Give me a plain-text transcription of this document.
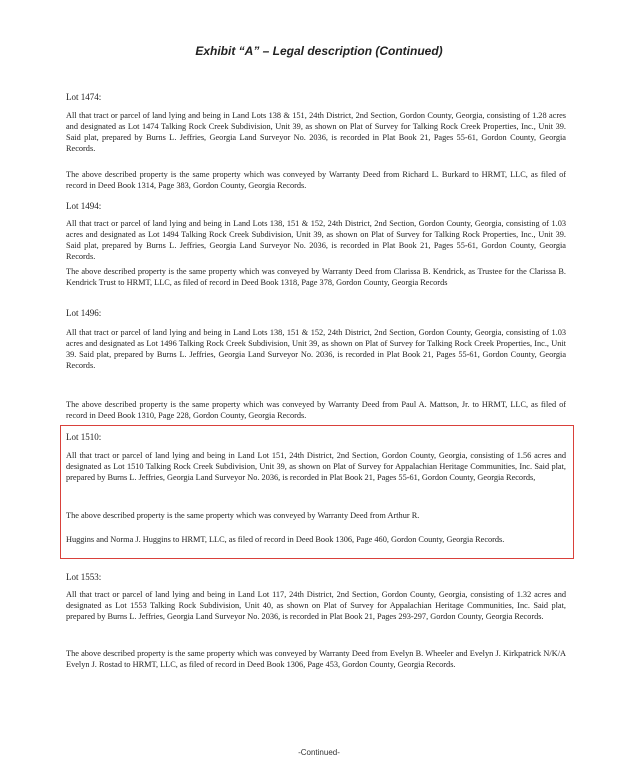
Exhibit “A” – Legal description (Continued)
Lot 1474:

All that tract or parcel of land lying and being in Land Lots 138 & 151, 24th District, 2nd Section, Gordon County, Georgia, consisting of 1.28 acres and designated as Lot 1474 Talking Rock Creek Subdivision, Unit 39, as shown on Plat of Survey for Talking Rock Creek Properties, Inc., Unit 39. Said plat, prepared by Burns L. Jeffries, Georgia Land Surveyor No. 2036, is recorded in Plat Book 21, Pages 55-61, Gordon County, Georgia Records.

The above described property is the same property which was conveyed by Warranty Deed from Richard L. Burkard to HRMT, LLC, as filed of record in Deed Book 1314, Page 383, Gordon County, Georgia Records.

Lot 1494:

All that tract or parcel of land lying and being in Land Lots 138, 151 & 152, 24th District, 2nd Section, Gordon County, Georgia, consisting of 1.03 acres and designated as Lot 1494 Talking Rock Creek Subdivision, Unit 39, as shown on Plat of Survey for Talking Rock Properties, Inc., Unit 39. Said plat, prepared by Burns L. Jeffries, Georgia Land Surveyor No. 2036, is recorded in Plat Book 21, Pages 55-61, Gordon County, Georgia Records.

The above described property is the same property which was conveyed by Warranty Deed from Clarissa B. Kendrick, as Trustee for the Clarissa B. Kendrick Trust to HRMT, LLC, as filed of record in Deed Book 1318, Page 378, Gordon County, Georgia Records

Lot 1496:

All that tract or parcel of land lying and being in Land Lots 138, 151 & 152, 24th District, 2nd Section, Gordon County, Georgia, consisting of 1.03 acres and designated as Lot 1496 Talking Rock Creek Subdivision, Unit 39, as shown on Plat of Survey for Talking Rock Creek Properties, Inc., Unit 39. Said plat, prepared by Burns L. Jeffries, Georgia Land Surveyor No. 2036, is recorded in Plat Book 21, Pages 55-61, Gordon County, Georgia Records.

The above described property is the same property which was conveyed by Warranty Deed from Paul A. Mattson, Jr. to HRMT, LLC, as filed of record in Deed Book 1310, Page 228, Gordon County, Georgia Records.

Lot 1510:

All that tract or parcel of land lying and being in Land Lot 151, 24th District, 2nd Section, Gordon County, Georgia, consisting of 1.56 acres and designated as Lot 1510 Talking Rock Creek Subdivision, Unit 39, as shown on Plat of Survey for Appalachian Heritage Communities, Inc. Said plat, prepared by Burns L. Jeffries, Georgia Land Surveyor No. 2036, is recorded in Plat Book 21, Pages 55-61, Gordon County, Georgia Records,

The above described property is the same property which was conveyed by Warranty Deed from Arthur R.

Huggins and Norma J. Huggins to HRMT, LLC, as filed of record in Deed Book 1306, Page 460, Gordon County, Georgia Records.

Lot 1553:

All that tract or parcel of land lying and being in Land Lot 117, 24th District, 2nd Section, Gordon County, Georgia, consisting of 1.32 acres and designated as Lot 1553 Talking Rock Subdivision, Unit 40, as shown on Plat of Survey for Appalachian Heritage Communities, Inc. Said plat, prepared by Burns L. Jeffries, Georgia Land Surveyor No. 2036, is recorded in Plat Book 21, Pages 293-297, Gordon County, Georgia Records.

The above described property is the same property which was conveyed by Warranty Deed from Evelyn B. Wheeler and Evelyn J. Kirkpatrick N/K/A Evelyn J. Rostad to HRMT, LLC, as filed of record in Deed Book 1306, Page 453, Gordon County, Georgia Records.

-Continued-
